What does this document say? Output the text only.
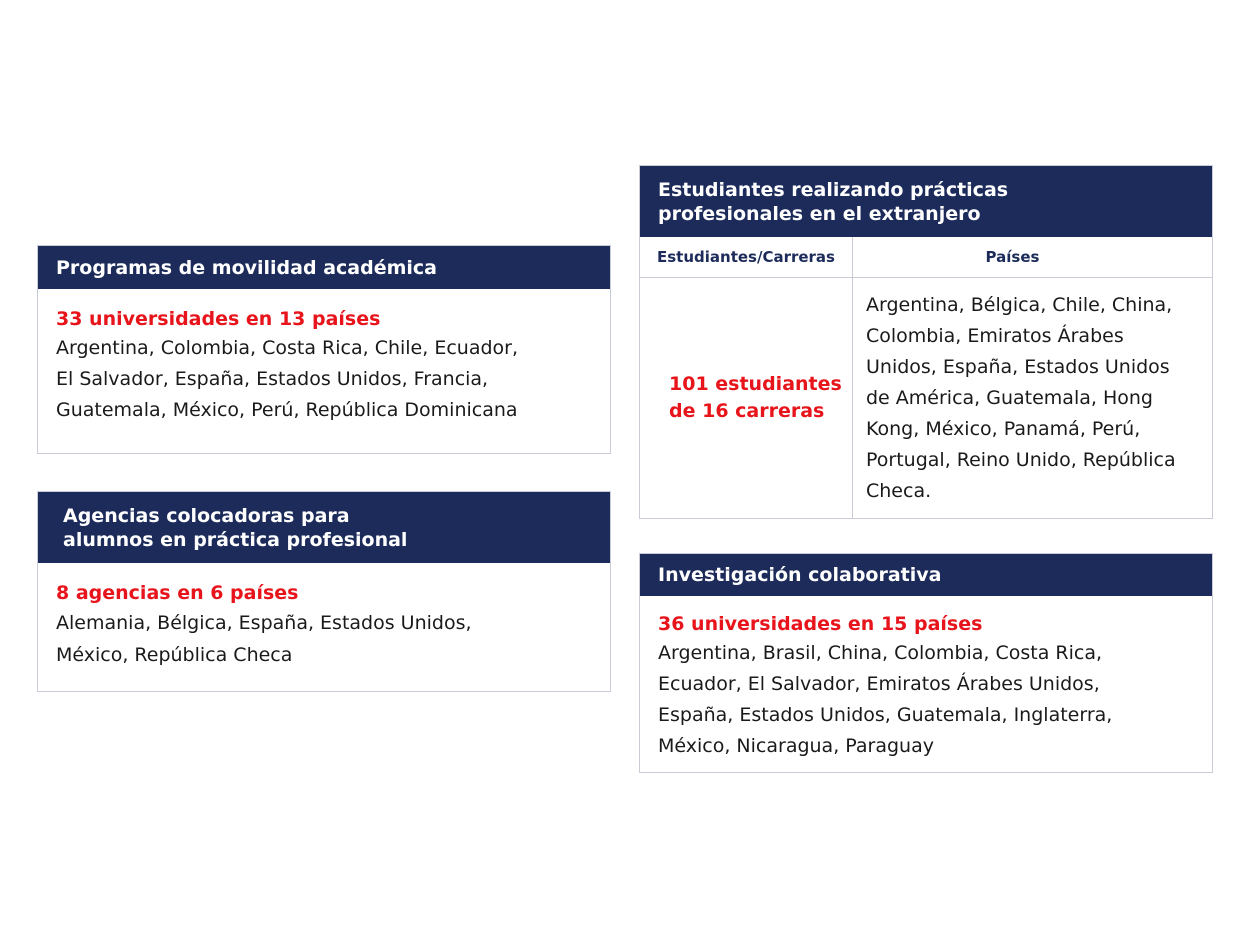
Programas de movilidad académica
33 universidades en 13 países
Argentina, Colombia, Costa Rica, Chile, Ecuador,
El Salvador, España, Estados Unidos, Francia,
Guatemala, México, Perú, República Dominicana
Agencias colocadoras para
alumnos en práctica profesional
8 agencias en 6 países
Alemania, Bélgica, España, Estados Unidos,
México, República Checa
Estudiantes realizando prácticas
profesionales en el extranjero
Estudiantes/Carreras	Países
101 estudiantes
de 16 carreras
Argentina, Bélgica, Chile, China,
Colombia, Emiratos Árabes
Unidos, España, Estados Unidos
de América, Guatemala, Hong
Kong, México, Panamá, Perú,
Portugal, Reino Unido, República
Checa.
Investigación colaborativa
36 universidades en 15 países
Argentina, Brasil, China, Colombia, Costa Rica,
Ecuador, El Salvador, Emiratos Árabes Unidos,
España, Estados Unidos, Guatemala, Inglaterra,
México, Nicaragua, Paraguay
